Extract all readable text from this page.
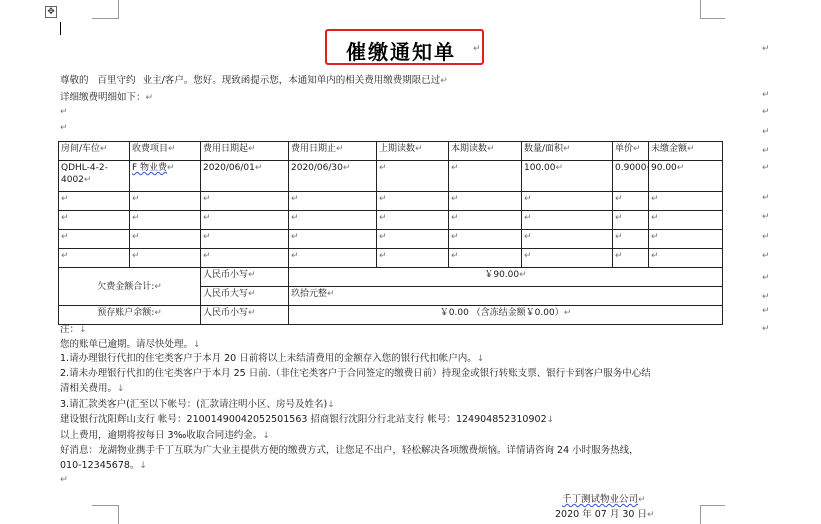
✥
催缴通知单 ↵	↵
尊敬的 百里守约 业主/客户。您好。现致函提示您，本通知单内的相关费用缴费期限已过↵
详细缴费明细如下：↵
↵
↵
↵
↵
↵
房间/车位↵	收费项目↵	费用日期起↵	费用日期止↵	上期读数↵	本期读数↵	数量/面积↵	单价↵	未缴金额↵
QDHL-4-2-4002↵	F 物业费↵	2020/06/01↵	2020/06/30↵	↵	↵	100.00↵	0.9000	90.00↵
↵	↵	↵	↵	↵	↵	↵	↵	↵
↵	↵	↵	↵	↵	↵	↵	↵	↵
↵	↵	↵	↵	↵	↵	↵	↵	↵
↵	↵	↵	↵	↵	↵	↵	↵	↵
欠费金额合计:↵		人民币小写↵	￥90.00↵					
		人民币大写↵	玖拾元整↵					
预存账户余额:↵		人民币小写↵	￥0.00 （含冻结金额￥0.00）↵					
↵
↵
↵
↵
↵
↵
↵
↵
↵
↵
注：↓
您的账单已逾期。请尽快处理。↓
1.请办理银行代扣的住宅类客户于本月 20 日前将以上未结清费用的金额存入您的银行代扣帐户内。↓
2.请未办理银行代扣的住宅类客户于本月 25 日前.（非住宅类客户于合同签定的缴费日前）持现金或银行转账支票、银行卡到客户服务中心结
清相关费用。↓
3.请汇款类客户(汇至以下帐号：(汇款请注明小区、房号及姓名)↓
建设银行沈阳辉山支行 帐号：21001490042052501563 招商银行沈阳分行北站支行 帐号：124904852310902↓
以上费用，逾期将按每日 3‰收取合同违约金。↓
好消息：龙湖物业携手千丁互联为广大业主提供方便的缴费方式，让您足不出户，轻松解决各项缴费烦恼。详情请咨询 24 小时服务热线，
010-12345678。↓
↵
千丁测试物业公司↵
2020 年 07 月 30 日↵
